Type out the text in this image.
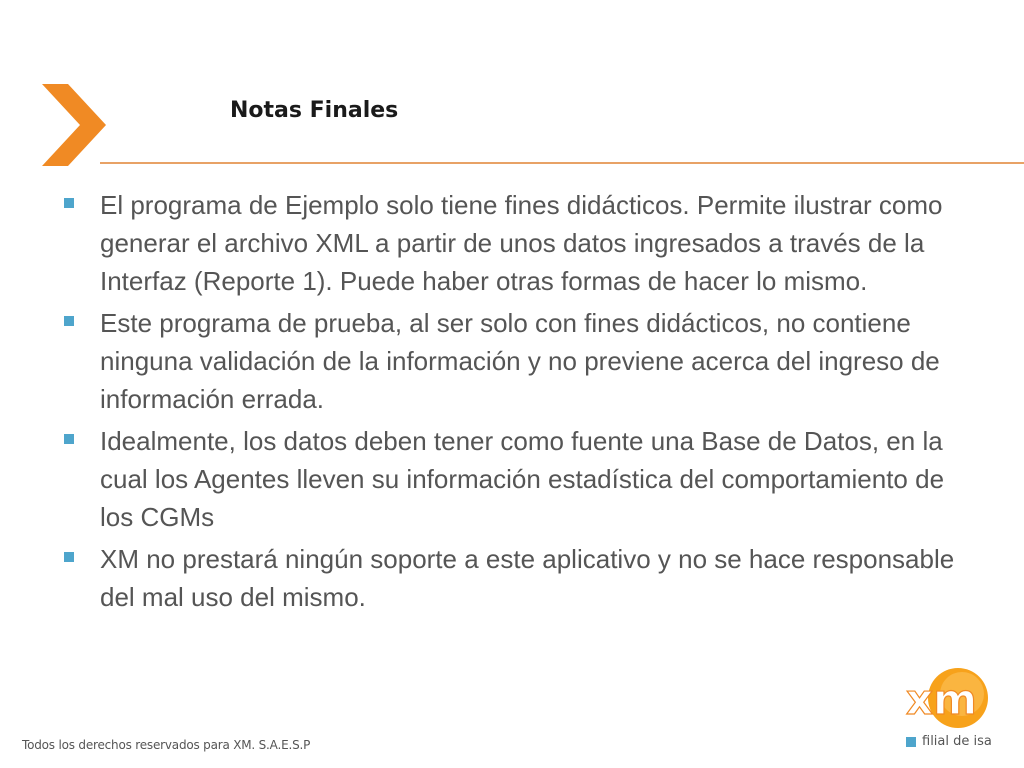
Notas Finales
El programa de Ejemplo solo tiene fines didácticos. Permite ilustrar como generar el archivo XML a partir de unos datos ingresados a través de la Interfaz (Reporte 1). Puede haber otras formas de hacer lo mismo.
Este programa de prueba, al ser solo con fines didácticos, no contiene ninguna validación de la información y no previene acerca del ingreso de información errada.
Idealmente, los datos deben tener como fuente una Base de Datos, en la cual los Agentes lleven su información estadística del comportamiento de los CGMs
XM no prestará ningún soporte a este aplicativo y no se hace responsable del mal uso del mismo.
Todos los derechos reservados para XM. S.A.E.S.P
xm
filial de isa
